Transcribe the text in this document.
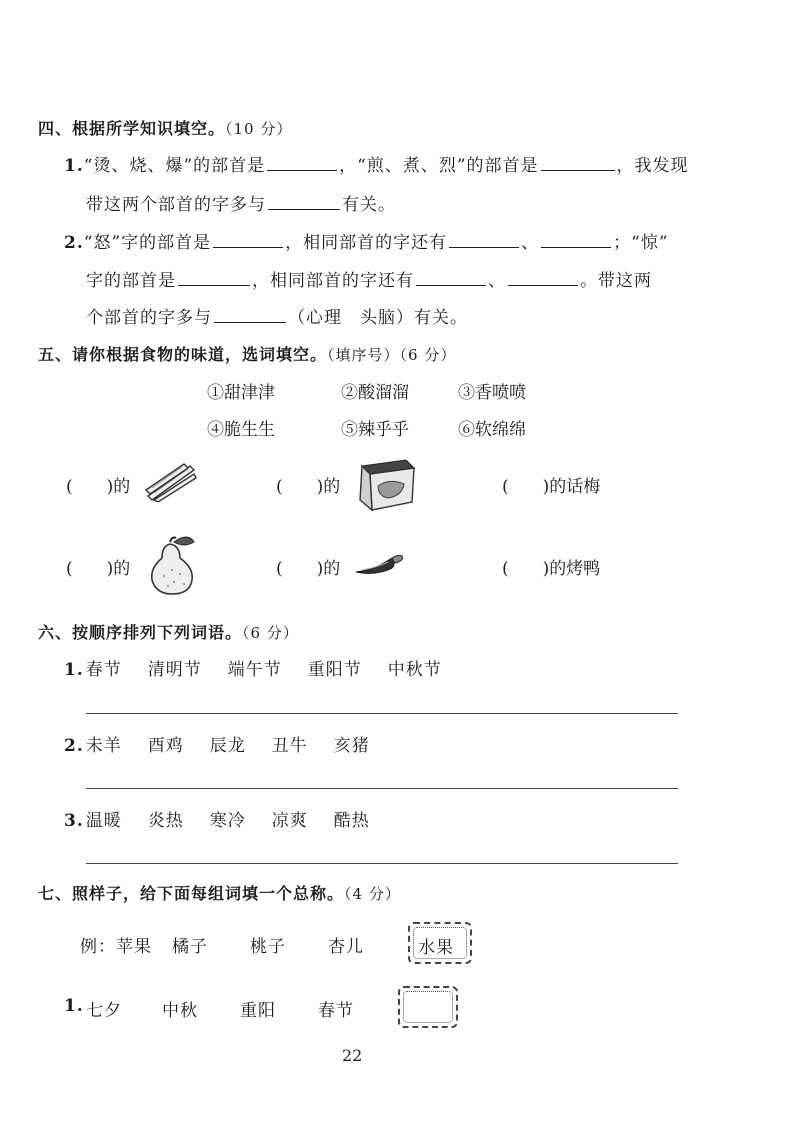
四、根据所学知识填空。（10 分）
1.“烫、烧、爆”的部首是	，“煎、煮、烈”的部首是	，我发现
带这两个部首的字多与	有关。
2.“怒”字的部首是	，相同部首的字还有	、	；“惊”
字的部首是	，相同部首的字还有	、	。带这两
个部首的字多与	（心理　头脑）有关。
五、请你根据食物的味道，选词填空。（填序号）（6 分）
①甜津津	②酸溜溜	③香喷喷
④脆生生	⑤辣乎乎	⑥软绵绵
(　　)的	(　　)的	(　　)的话梅
(　　)的	(　　)的	(　　)的烤鸭
六、按顺序排列下列词语。（6 分）
1. 春节 清明节 端午节 重阳节 中秋节
2. 未羊 酉鸡 辰龙 丑牛 亥猪
3. 温暖 炎热 寒冷 凉爽 酷热
七、照样子，给下面每组词填一个总称。（4 分）
例：苹果 橘子 桃子 杏儿	水果
1. 七夕 中秋 重阳 春节
22
